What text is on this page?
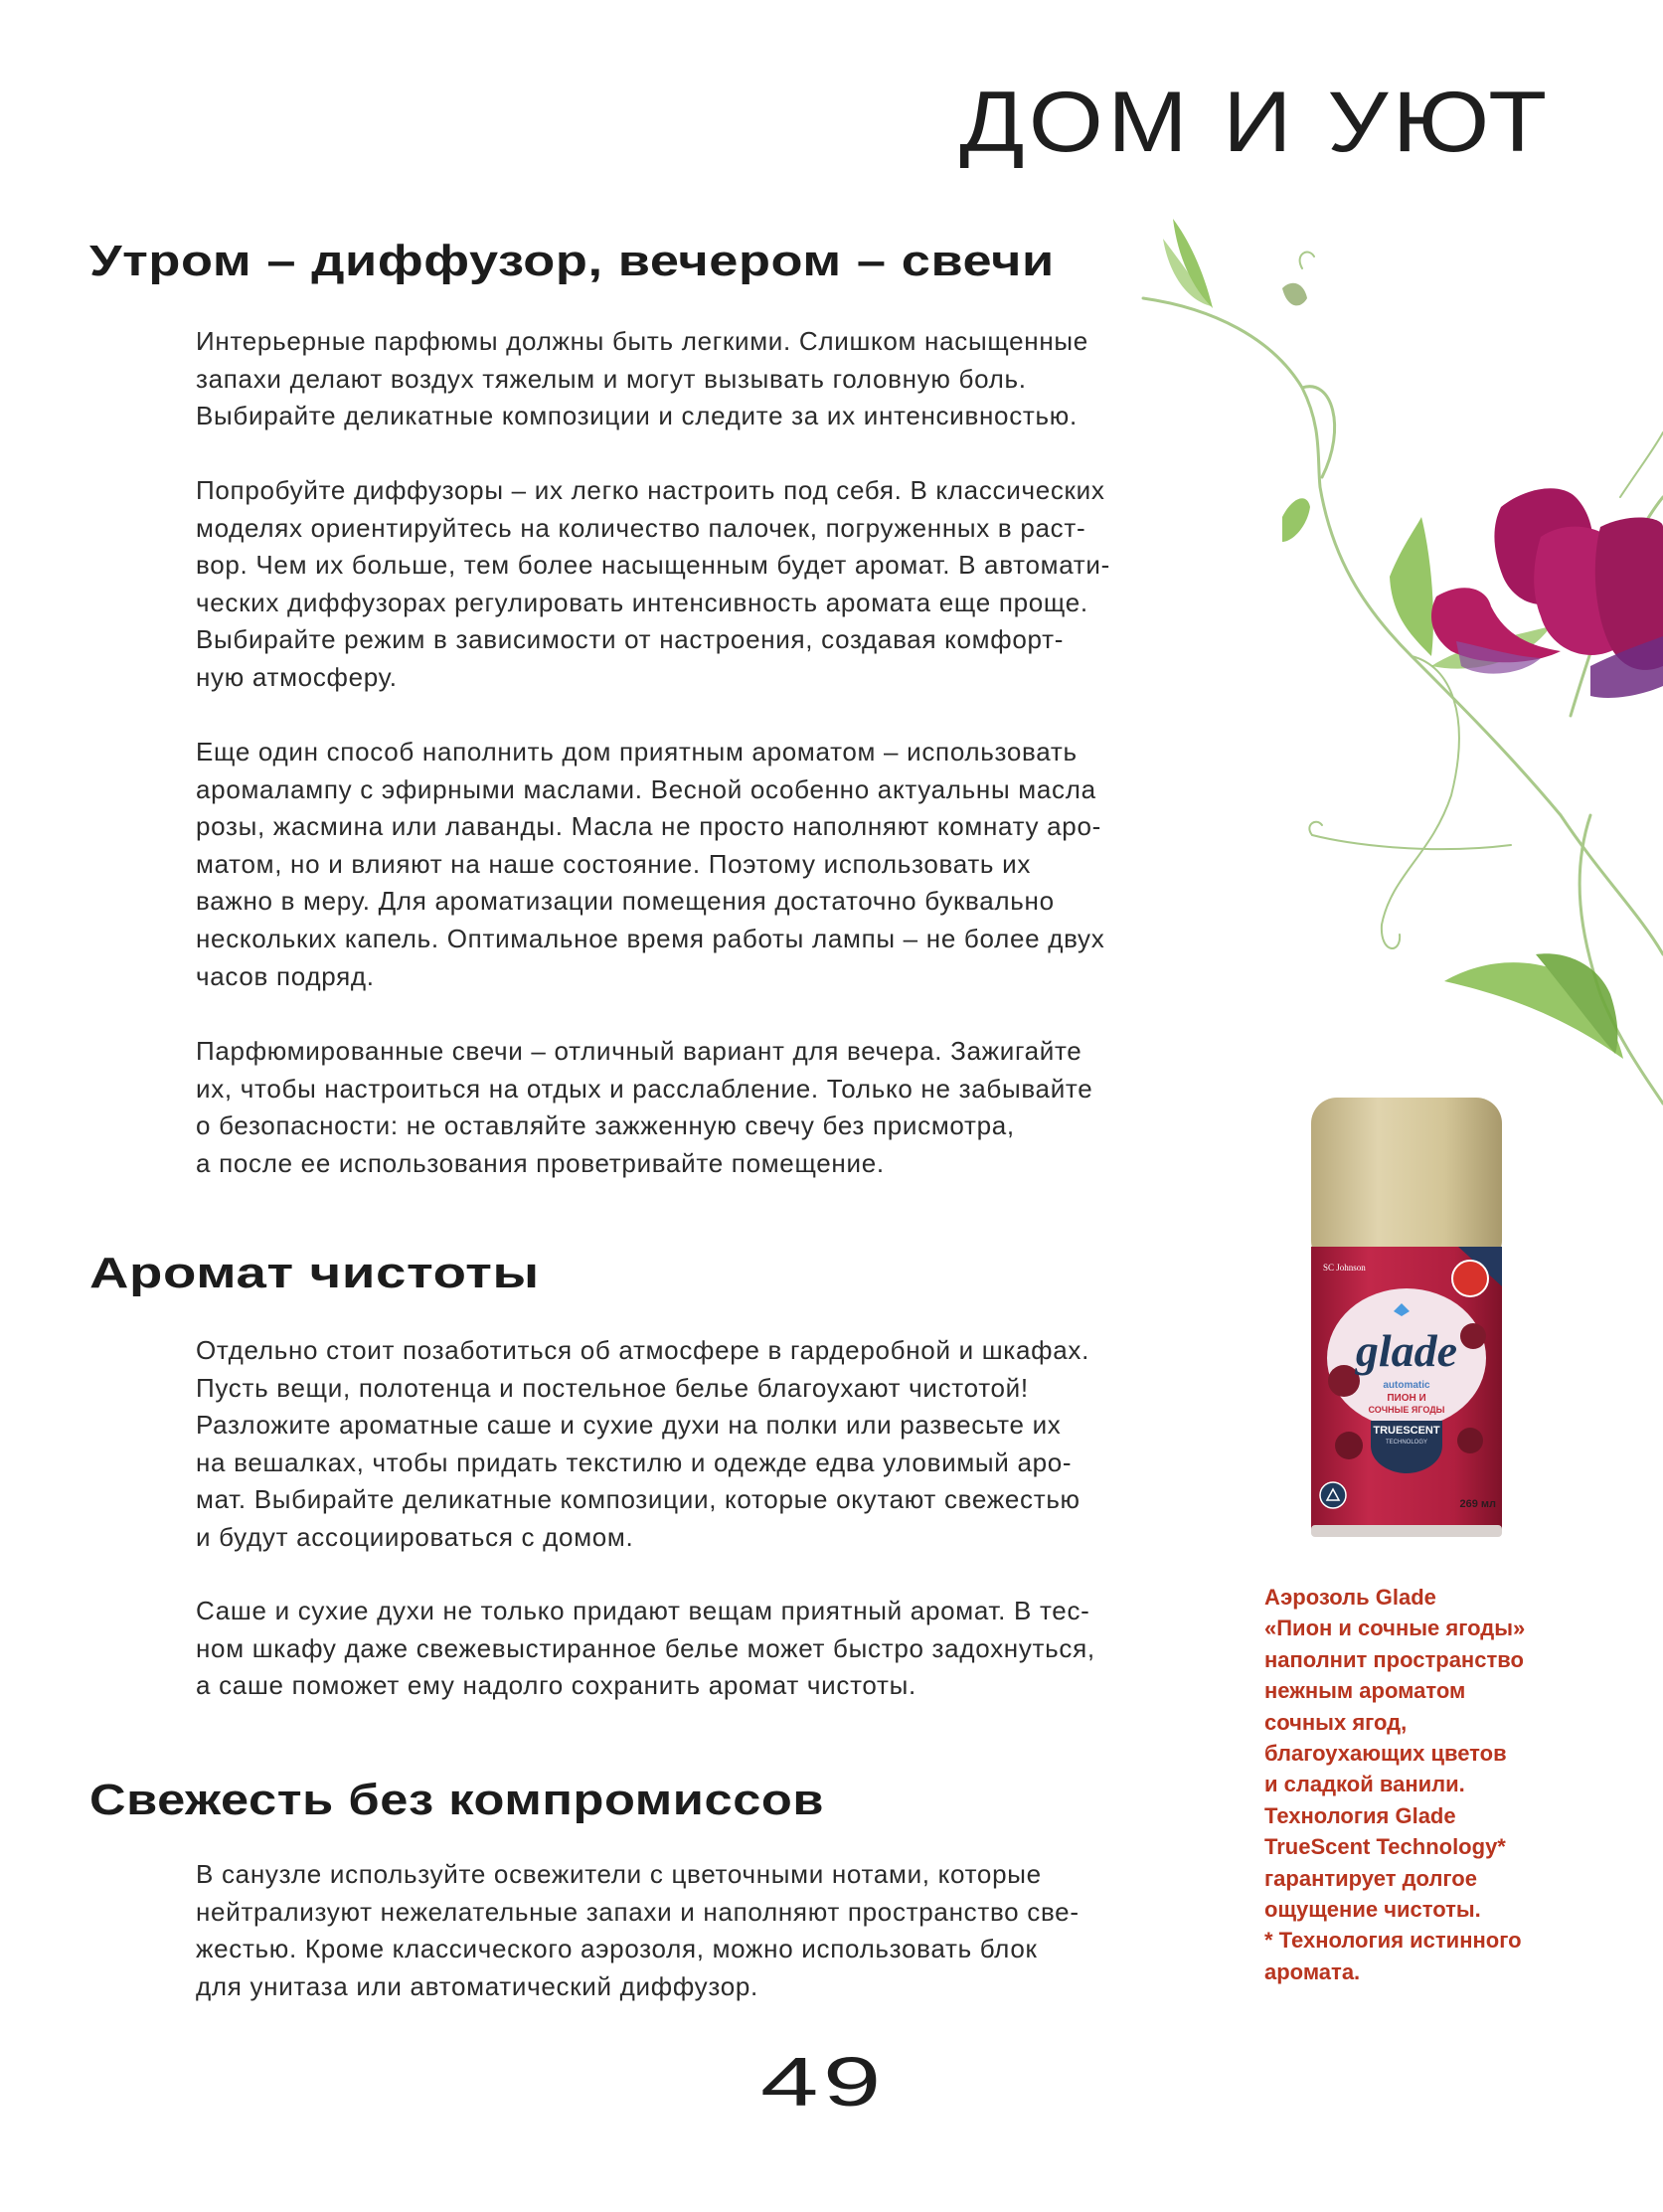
ДОМ И УЮТ
Утром – диффузор, вечером – свечи

Интерьерные парфюмы должны быть легкими. Слишком насыщенные
запахи делают воздух тяжелым и могут вызывать головную боль.
Выбирайте деликатные композиции и следите за их интенсивностью.

Попробуйте диффузоры – их легко настроить под себя. В классических
моделях ориентируйтесь на количество палочек, погруженных в раст-
вор. Чем их больше, тем более насыщенным будет аромат. В автомати-
ческих диффузорах регулировать интенсивность аромата еще проще.
Выбирайте режим в зависимости от настроения, создавая комфорт-
ную атмосферу.

Еще один способ наполнить дом приятным ароматом – использовать
аромалампу с эфирными маслами. Весной особенно актуальны масла
розы, жасмина или лаванды. Масла не просто наполняют комнату аро-
матом, но и влияют на наше состояние. Поэтому использовать их
важно в меру. Для ароматизации помещения достаточно буквально
нескольких капель. Оптимальное время работы лампы – не более двух
часов подряд.

Парфюмированные свечи – отличный вариант для вечера. Зажигайте
их, чтобы настроиться на отдых и расслабление. Только не забывайте
о безопасности: не оставляйте зажженную свечу без присмотра,
а после ее использования проветривайте помещение.

Аромат чистоты

Отдельно стоит позаботиться об атмосфере в гардеробной и шкафах.
Пусть вещи, полотенца и постельное белье благоухают чистотой!
Разложите ароматные саше и сухие духи на полки или развесьте их
на вешалках, чтобы придать текстилю и одежде едва уловимый аро-
мат. Выбирайте деликатные композиции, которые окутают свежестью
и будут ассоциироваться с домом.

Саше и сухие духи не только придают вещам приятный аромат. В тес-
ном шкафу даже свежевыстиранное белье может быстро задохнуться,
а саше поможет ему надолго сохранить аромат чистоты.

Свежесть без компромиссов

В санузле используйте освежители с цветочными нотами, которые
нейтрализуют нежелательные запахи и наполняют пространство све-
жестью. Кроме классического аэрозоля, можно использовать блок
для унитаза или автоматический диффузор.

SC Johnson
glade
automatic
ПИОН И
СОЧНЫЕ ЯГОДЫ
TRUESCENT
TECHNOLOGY
269 мл

Аэрозоль Glade
«Пион и сочные ягоды»
наполнит пространство
нежным ароматом
сочных ягод,
благоухающих цветов
и сладкой ванили.
Технология Glade
TrueScent Technology*
гарантирует долгое
ощущение чистоты.
* Технология истинного
аромата.

49
